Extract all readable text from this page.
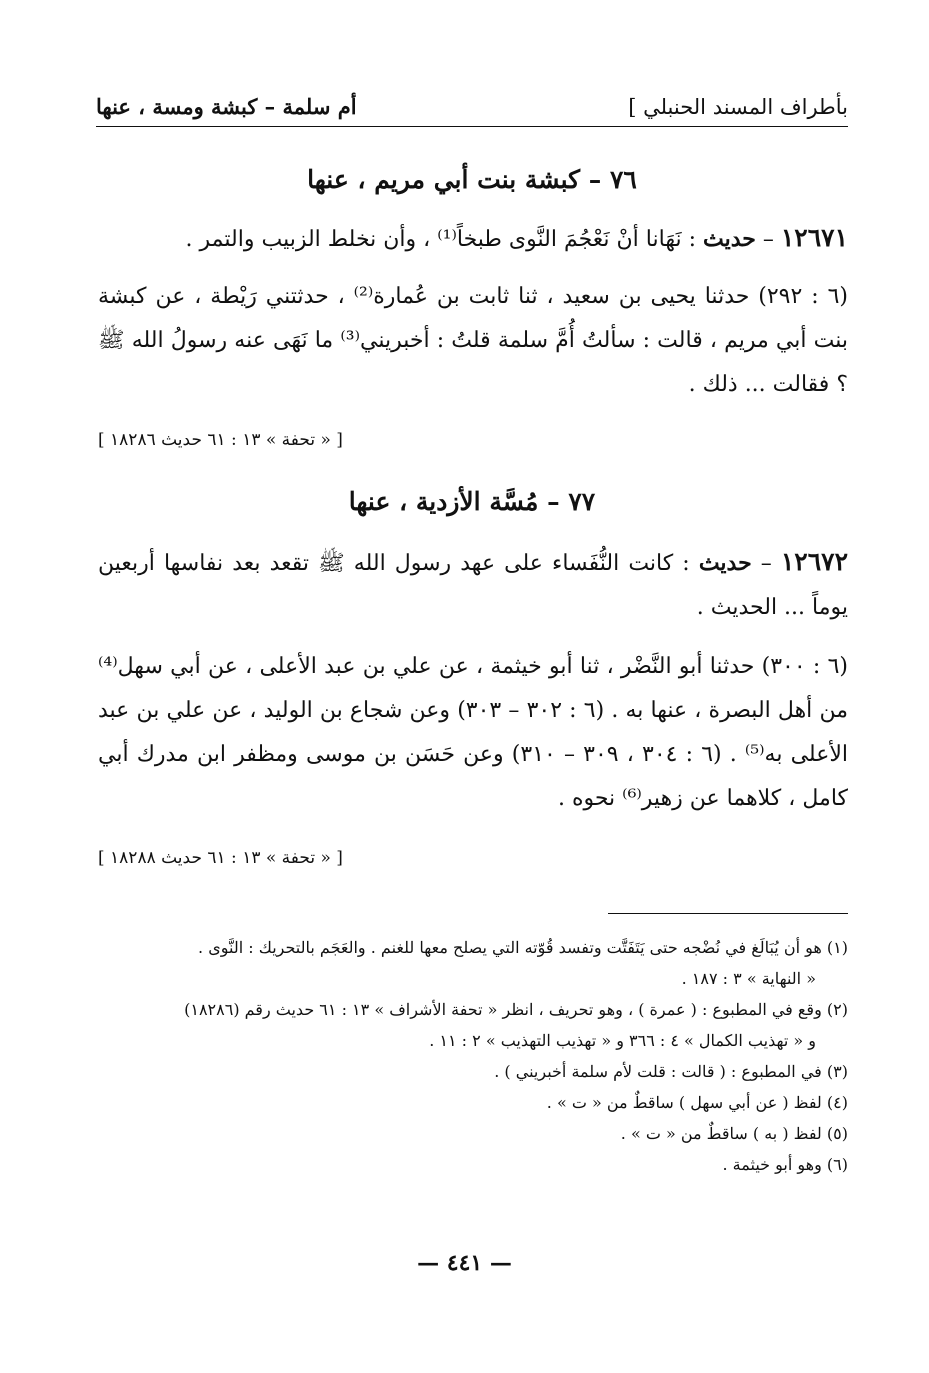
بأطراف المسند الحنبلي ]
أم سلمة – كبشة ومسة ، عنها
٧٦ – كبشة بنت أبي مريم ، عنها

١٢٦٧١ – حديث : نَهَانا أنْ نَعْجُمَ النَّوى طبخاً⁽¹⁾ ، وأن نخلط الزبيب والتمر .

(٦ : ٢٩٢) حدثنا يحيى بن سعيد ، ثنا ثابت بن عُمارة⁽²⁾ ، حدثتني رَيْطة ، عن كبشة بنت أبي مريم ، قالت : سألتُ أُمَّ سلمة قلتُ : أخبريني⁽³⁾ ما نَهَى عنه رسولُ الله ﷺ ؟ فقالت ... ذلك .

[ « تحفة » ١٣ : ٦١ حديث ١٨٢٨٦ ]
٧٧ – مُسَّة الأزدية ، عنها

١٢٦٧٢ – حديث : كانت النُّفَساء على عهد رسول الله ﷺ تقعد بعد نفاسها أربعين يوماً ... الحديث .

(٦ : ٣٠٠) حدثنا أبو النَّضْر ، ثنا أبو خيثمة ، عن علي بن عبد الأعلى ، عن أبي سهل⁽⁴⁾ من أهل البصرة ، عنها به . (٦ : ٣٠٢ – ٣٠٣) وعن شجاع بن الوليد ، عن علي بن عبد الأعلى به⁽⁵⁾ . (٦ : ٣٠٤ ، ٣٠٩ – ٣١٠) وعن حَسَن بن موسى ومظفر ابن مدرك أبي كامل ، كلاهما عن زهير⁽⁶⁾ نحوه .

[ « تحفة » ١٣ : ٦١ حديث ١٨٢٨٨ ]
(١) هو أن يُبَالَغ في نُضْجه حتى يَتَفَتَّت وتفسد قُوّته التي يصلح معها للغنم . والعَجَم بالتحريك : النَّوى .
« النهاية » ٣ : ١٨٧ .
(٢) وقع في المطبوع : ( عمرة ) ، وهو تحريف ، انظر « تحفة الأشراف » ١٣ : ٦١ حديث رقم (١٨٢٨٦)
و « تهذيب الكمال » ٤ : ٣٦٦ و « تهذيب التهذيب » ٢ : ١١ .
(٣) في المطبوع : ( قالت : قلت لأم سلمة أخبريني ) .
(٤) لفظ ( عن أبي سهل ) ساقطٌ من « ت » .
(٥) لفظ ( به ) ساقطٌ من « ت » .
(٦) وهو أبو خيثمة .
— ٤٤١ —
